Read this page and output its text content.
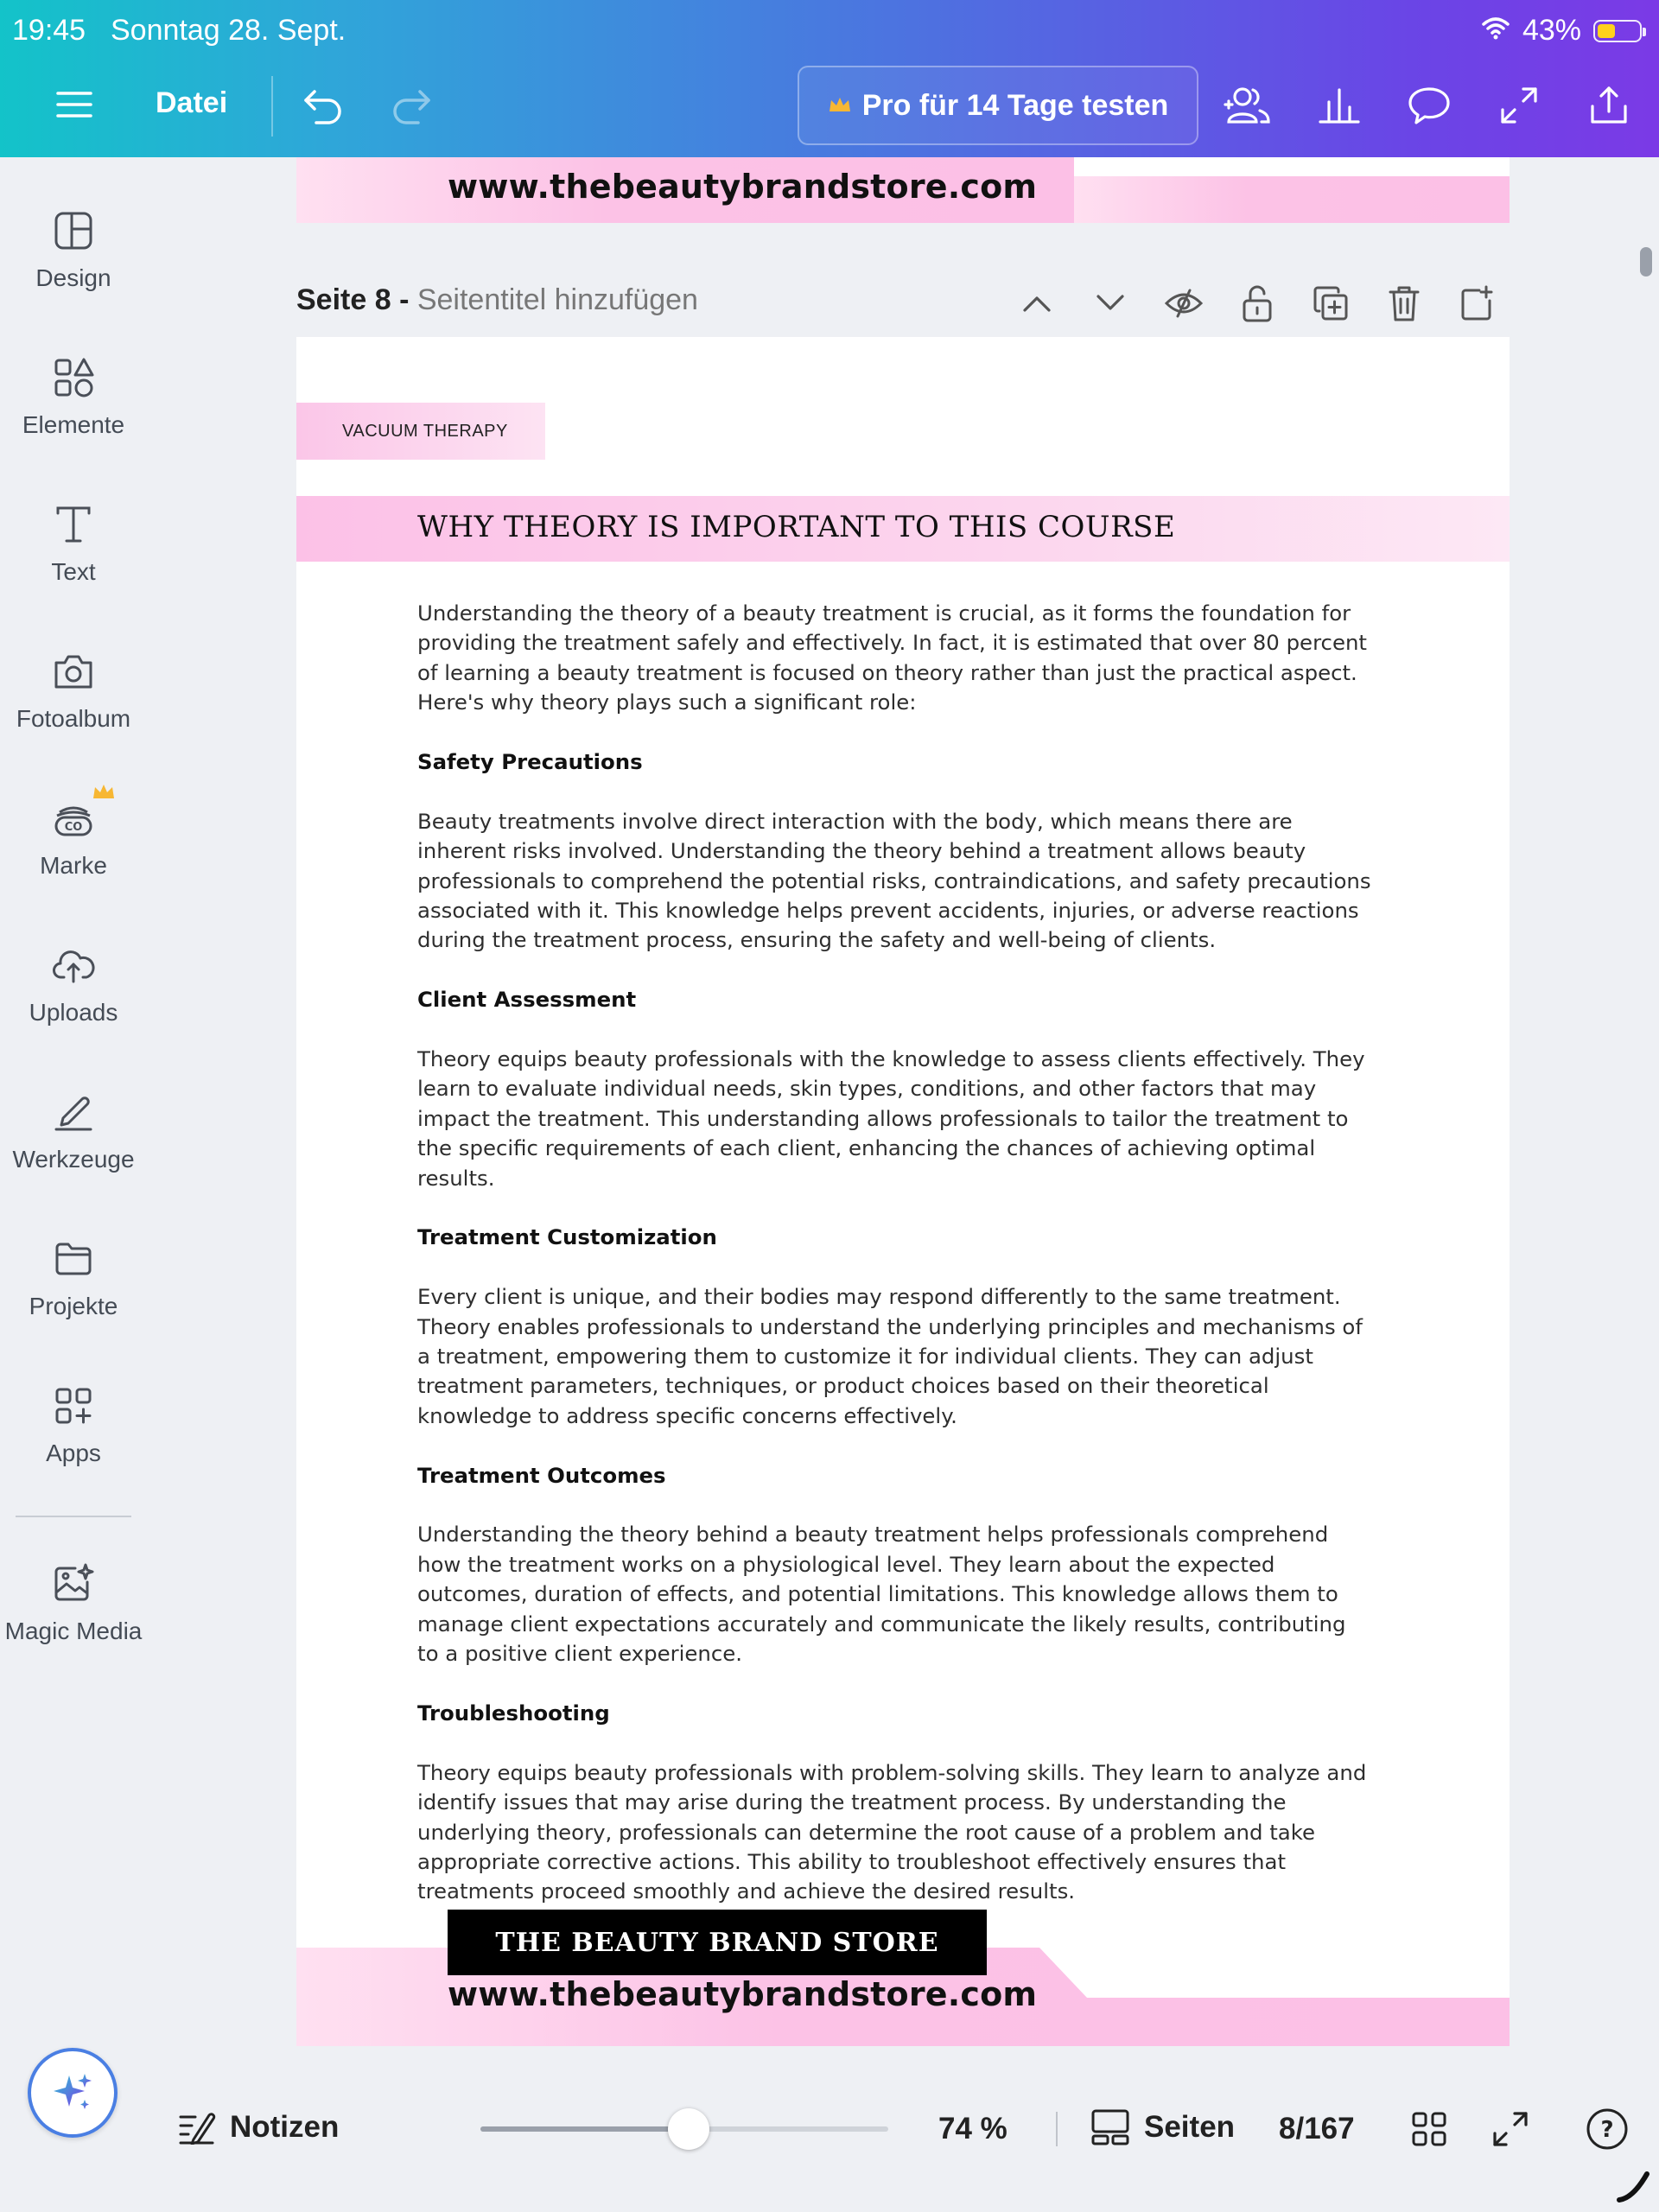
19:45 Sonntag 28. Sept.	43%
Datei	Pro für 14 Tage testen
Design
Elemente
Text
Fotoalbum
CO
Marke
Uploads
Werkzeuge
Projekte
Apps
Magic Media
www.thebeautybrandstore.com
Seite 8 - Seitentitel hinzufügen
VACUUM THERAPY
WHY THEORY IS IMPORTANT TO THIS COURSE

Understanding the theory of a beauty treatment is crucial, as it forms the foundation for providing the treatment safely and effectively. In fact, it is estimated that over 80 percent of learning a beauty treatment is focused on theory rather than just the practical aspect. Here's why theory plays such a significant role:

Safety Precautions

Beauty treatments involve direct interaction with the body, which means there are inherent risks involved. Understanding the theory behind a treatment allows beauty professionals to comprehend the potential risks, contraindications, and safety precautions associated with it. This knowledge helps prevent accidents, injuries, or adverse reactions during the treatment process, ensuring the safety and well-being of clients.

Client Assessment

Theory equips beauty professionals with the knowledge to assess clients effectively. They learn to evaluate individual needs, skin types, conditions, and other factors that may impact the treatment. This understanding allows professionals to tailor the treatment to the specific requirements of each client, enhancing the chances of achieving optimal results.

Treatment Customization

Every client is unique, and their bodies may respond differently to the same treatment. Theory enables professionals to understand the underlying principles and mechanisms of a treatment, empowering them to customize it for individual clients. They can adjust treatment parameters, techniques, or product choices based on their theoretical knowledge to address specific concerns effectively.

Treatment Outcomes

Understanding the theory behind a beauty treatment helps professionals comprehend how the treatment works on a physiological level. They learn about the expected outcomes, duration of effects, and potential limitations. This knowledge allows them to manage client expectations accurately and communicate the likely results, contributing to a positive client experience.

Troubleshooting

Theory equips beauty professionals with problem-solving skills. They learn to analyze and identify issues that may arise during the treatment process. By understanding the underlying theory, professionals can determine the root cause of a problem and take appropriate corrective actions. This ability to troubleshoot effectively ensures that treatments proceed smoothly and achieve the desired results.

THE BEAUTY BRAND STORE
www.thebeautybrandstore.com
Notizen	74 %	Seiten 8/167	?
